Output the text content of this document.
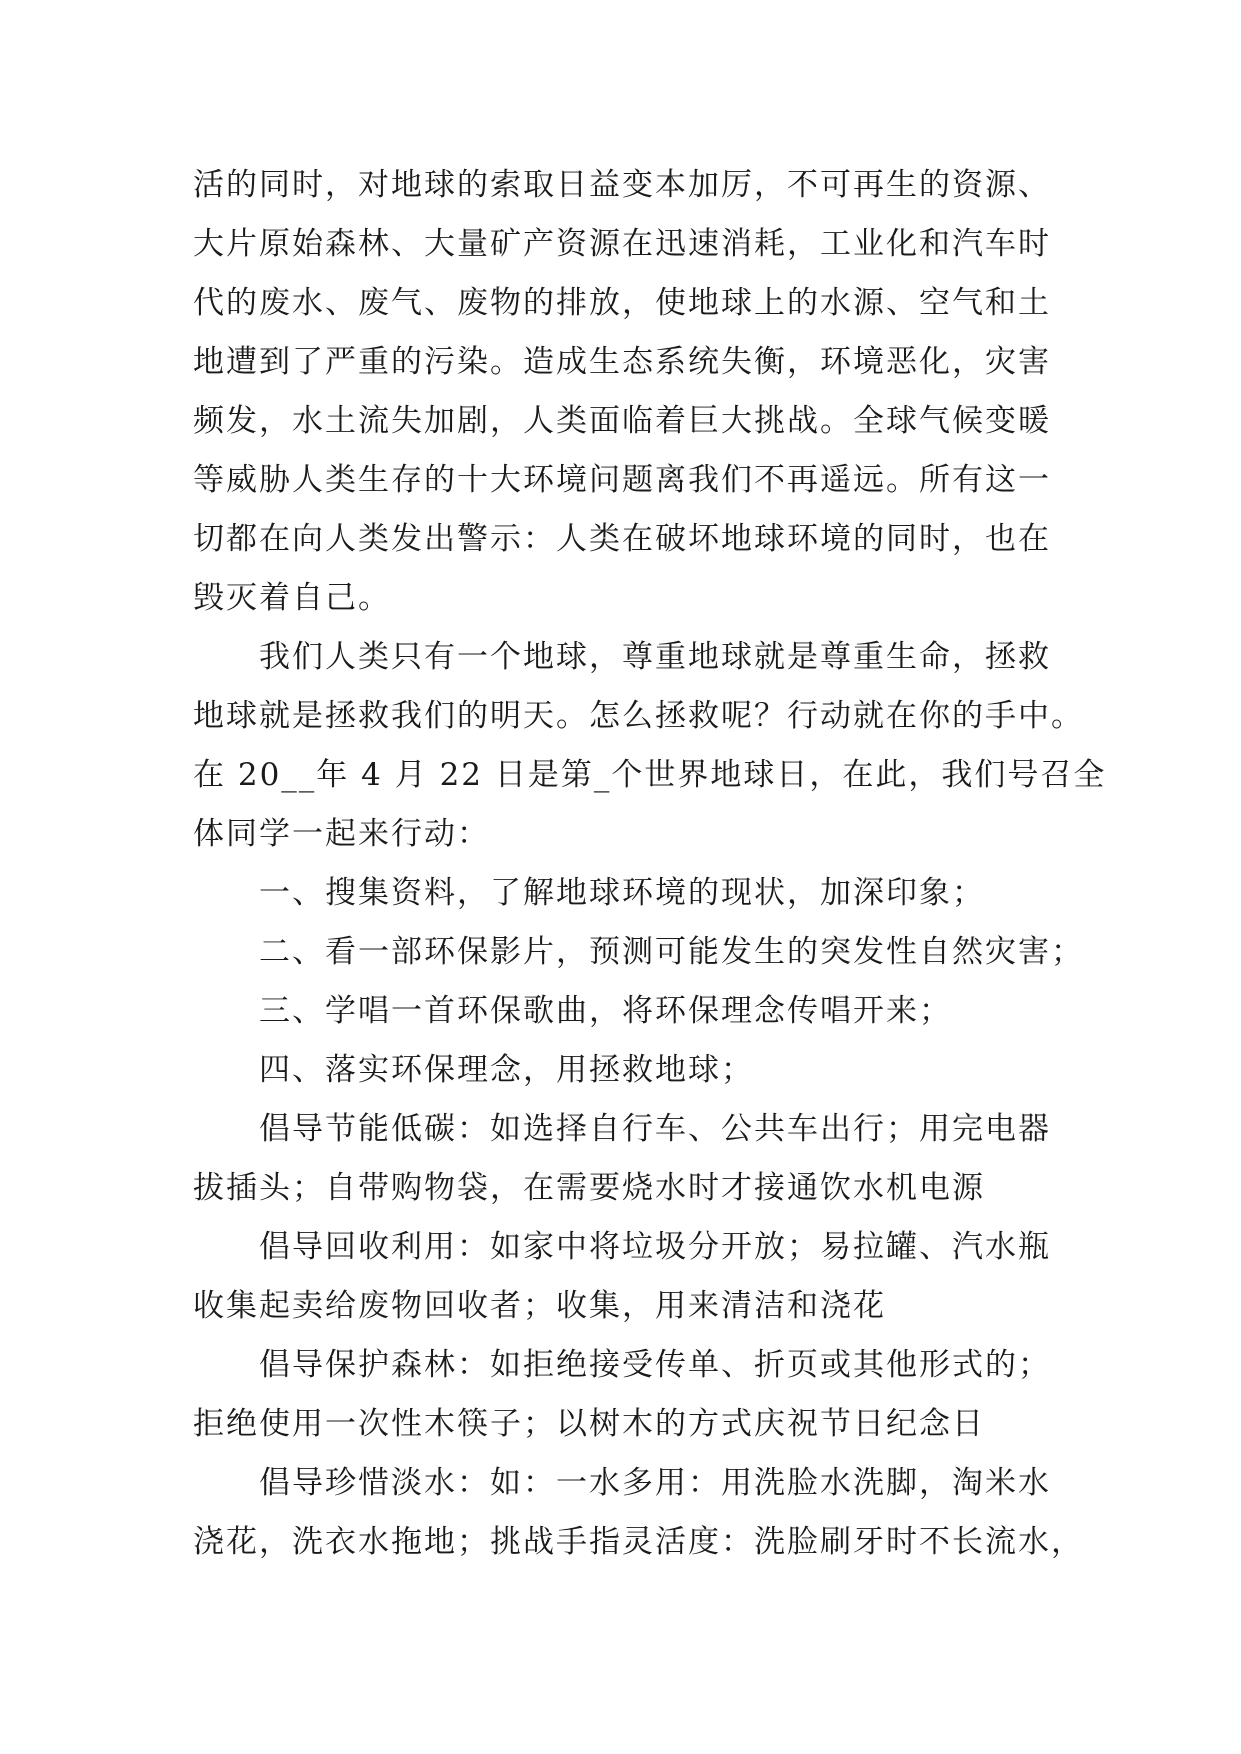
活的同时，对地球的索取日益变本加厉，不可再生的资源、
大片原始森林、大量矿产资源在迅速消耗，工业化和汽车时
代的废水、废气、废物的排放，使地球上的水源、空气和土
地遭到了严重的污染。造成生态系统失衡，环境恶化，灾害
频发，水土流失加剧，人类面临着巨大挑战。全球气候变暖
等威胁人类生存的十大环境问题离我们不再遥远。所有这一
切都在向人类发出警示：人类在破坏地球环境的同时，也在
毁灭着自己。
我们人类只有一个地球，尊重地球就是尊重生命，拯救
地球就是拯救我们的明天。怎么拯救呢？行动就在你的手中。
在 20__年 4 月 22 日是第_个世界地球日，在此，我们号召全
体同学一起来行动：
一、搜集资料，了解地球环境的现状，加深印象；
二、看一部环保影片，预测可能发生的突发性自然灾害；
三、学唱一首环保歌曲，将环保理念传唱开来；
四、落实环保理念，用拯救地球；
倡导节能低碳：如选择自行车、公共车出行；用完电器
拔插头；自带购物袋，在需要烧水时才接通饮水机电源
倡导回收利用：如家中将垃圾分开放；易拉罐、汽水瓶
收集起卖给废物回收者；收集，用来清洁和浇花
倡导保护森林：如拒绝接受传单、折页或其他形式的；
拒绝使用一次性木筷子；以树木的方式庆祝节日纪念日
倡导珍惜淡水：如：一水多用：用洗脸水洗脚，淘米水
浇花，洗衣水拖地；挑战手指灵活度：洗脸刷牙时不长流水，
